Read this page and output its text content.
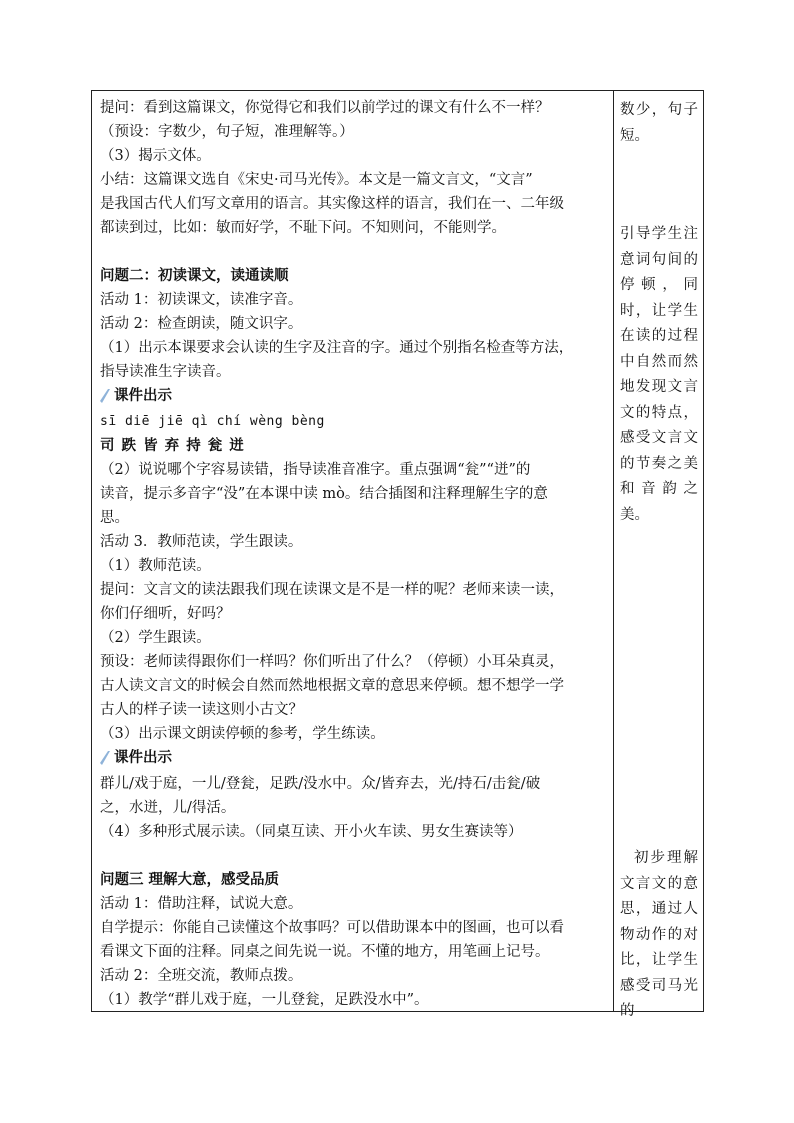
提问：看到这篇课文，你觉得它和我们以前学过的课文有什么不一样？
（预设：字数少，句子短，准理解等。）
（3）揭示文体。
小结：这篇课文选自《宋史·司马光传》。本文是一篇文言文，“文言”
是我国古代人们写文章用的语言。其实像这样的语言，我们在一、二年级
都读到过，比如：敏而好学，不耻下问。不知则问，不能则学。
问题二：初读课文，读通读顺
活动 1：初读课文，读准字音。
活动 2：检查朗读，随文识字。
（1）出示本课要求会认读的生字及注音的字。通过个别指名检查等方法，
指导读准生字读音。
课件出示
sī diē jiē qì chí wèng bèng
司 跌 皆 弃 持 瓮 迸
（2）说说哪个字容易读错，指导读准音准字。重点强调“瓮”“迸”的
读音，提示多音字“没”在本课中读 mò。结合插图和注释理解生字的意
思。
活动 3．教师范读，学生跟读。
（1）教师范读。
提问：文言文的读法跟我们现在读课文是不是一样的呢？老师来读一读，
你们仔细听，好吗？
（2）学生跟读。
预设：老师读得跟你们一样吗？你们听出了什么？（停顿）小耳朵真灵，
古人读文言文的时候会自然而然地根据文章的意思来停顿。想不想学一学
古人的样子读一读这则小古文？
（3）出示课文朗读停顿的参考，学生练读。
课件出示
群儿/戏于庭，一儿/登瓮，足跌/没水中。众/皆弃去，光/持石/击瓮/破
之，水迸，儿/得活。
（4）多种形式展示读。（同桌互读、开小火车读、男女生赛读等）
问题三 理解大意，感受品质
活动 1：借助注释，试说大意。
自学提示：你能自己读懂这个故事吗？可以借助课本中的图画，也可以看
看课文下面的注释。同桌之间先说一说。不懂的地方，用笔画上记号。
活动 2：全班交流，教师点拨。
（1）教学“群儿戏于庭，一儿登瓮，足跌没水中”。
数少，句子短。
引导学生注意词句间的停顿，同时，让学生在读的过程中自然而然地发现文言文的特点，感受文言文的节奏之美和音韵之美。
初步理解文言文的意思，通过人物动作的对比，让学生感受司马光的
